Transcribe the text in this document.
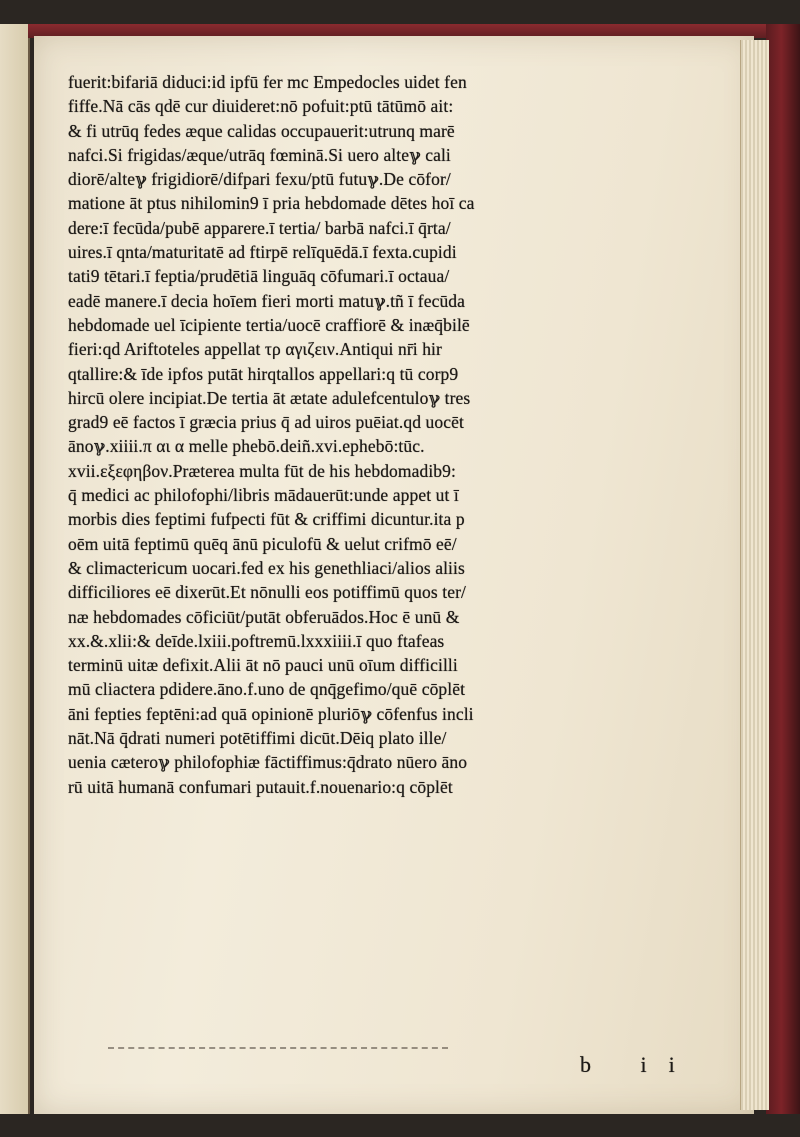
fuerit:bifariā diduci:id ipfū fer mc Empedocles uidet fen
fiffe.Nā cās qdē cur diuideret:nō pofuit:ptū tātūmō ait:
& fi utrūq fedes æque calidas occupauerit:utrunq marē
nafci.Si frigidas/æque/utrāq fœminā.Si uero alteℽ cali
diorē/alteℽ frigidiorē/difpari fexu/ptū futuℽ.De cōfor/
matione āt ptus nihilomin9 ī pria hebdomade dētes hoī ca
dere:ī fecūda/pubē apparere.ī tertia/ barbā nafci.ī q̄rta/
uires.ī qnta/maturitatē ad ftirpē relīquēdā.ī fexta.cupidi
tati9 tētari.ī feptia/prudētiā linguāq cōfumari.ī octaua/
eadē manere.ī decia hoīem fieri morti matuℽ.tñ ī fecūda
hebdomade uel īcipiente tertia/uocē craffiorē & inæq̄bilē
fieri:qd Ariftoteles appellat τρ αγιζειν.Antiqui nr̄i hir
qtallire:& īde ipfos putāt hirqtallos appellari:q tū corp9
hircū olere incipiat.De tertia āt ætate adulefcentuloℽ tres
grad9 eē factos ī græcia prius q̄ ad uiros puēiat.qd uocēt
ānoℽ.xiiii.π αι α melle phebō.deiñ.xvi.ephebō:tūc.
xvii.εξεφηβον.Præterea multa fūt de his hebdomadib9:
q̄ medici ac philofophi/libris mādauerūt:unde appet ut ī
morbis dies feptimi fufpecti fūt & criffimi dicuntur.ita p
oēm uitā feptimū quēq ānū piculofū & uelut crifmō eē/
& climactericum uocari.fed ex his genethliaci/alios aliis
difficiliores eē dixerūt.Et nōnulli eos potiffimū quos ter/
næ hebdomades cōficiūt/putāt obferuādos.Hoc ē unū &
xx.&.xlii:& deīde.lxiii.poftremū.lxxxiiii.ī quo ftafeas
terminū uitæ defixit.Alii āt nō pauci unū oīum difficilli
mū cliactera pdidere.āno.f.uno de qnq̄gefimo/quē cōplēt
āni fepties feptēni:ad quā opinionē pluriōℽ cōfenfus incli
nāt.Nā q̄drati numeri potētiffimi dicūt.Dēiq plato ille/
uenia cæteroℽ philofophiæ fāctiffimus:q̄drato nūero āno
rū uitā humanā confumari putauit.f.nouenario:q cōplēt
b ii
